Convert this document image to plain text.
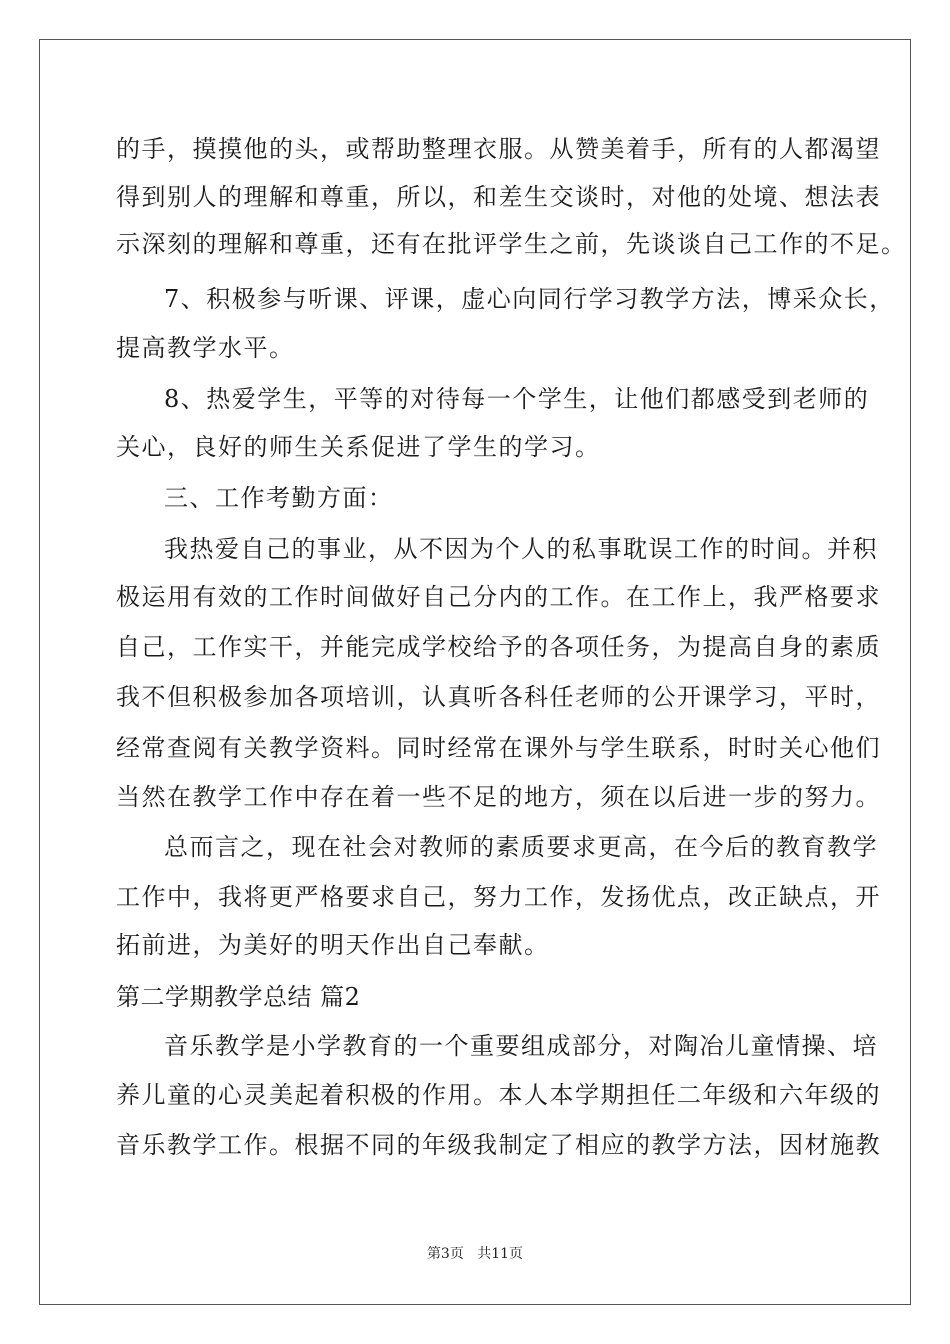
的手，摸摸他的头，或帮助整理衣服。从赞美着手，所有的人都渴望
得到别人的理解和尊重，所以，和差生交谈时，对他的处境、想法表
示深刻的理解和尊重，还有在批评学生之前，先谈谈自己工作的不足。
7、积极参与听课、评课，虚心向同行学习教学方法，博采众长，
提高教学水平。
8、热爱学生，平等的对待每一个学生，让他们都感受到老师的
关心，良好的师生关系促进了学生的学习。
三、工作考勤方面：
我热爱自己的事业，从不因为个人的私事耽误工作的时间。并积
极运用有效的工作时间做好自己分内的工作。在工作上，我严格要求
自己，工作实干，并能完成学校给予的各项任务，为提高自身的素质
我不但积极参加各项培训，认真听各科任老师的公开课学习，平时，
经常查阅有关教学资料。同时经常在课外与学生联系，时时关心他们
当然在教学工作中存在着一些不足的地方，须在以后进一步的努力。
总而言之，现在社会对教师的素质要求更高，在今后的教育教学
工作中，我将更严格要求自己，努力工作，发扬优点，改正缺点，开
拓前进，为美好的明天作出自己奉献。
第二学期教学总结 篇2
音乐教学是小学教育的一个重要组成部分，对陶冶儿童情操、培
养儿童的心灵美起着积极的作用。本人本学期担任二年级和六年级的
音乐教学工作。根据不同的年级我制定了相应的教学方法，因材施教
第3页 共11页
